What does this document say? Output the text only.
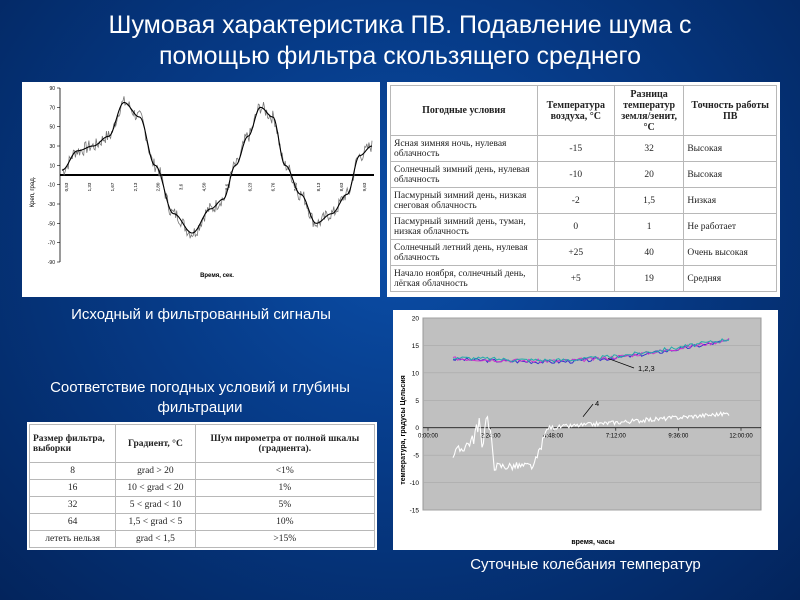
Шумовая характеристика ПВ. Подавление шума с помощью фильтра скользящего среднего
Креп, град.
Время, сек.
90
70
50
30
10
-10
-30
-50
-70
-90
0,53	1,33	1,67	2,13	2,80	3,6	4,50	5,6	6,23	6,76	7,30	8,13	8,63	9,63
Исходный и фильтрованный сигналы
Погодные условия	Температура воздуха, °С	Разница температур земля/зенит, °С	Точность работы ПВ
Ясная зимняя ночь, нулевая облачность	-15	32	Высокая
Солнечный зимний день, нулевая облачность	-10	20	Высокая
Пасмурный зимний день, низкая снеговая облачность	-2	1,5	Низкая
Пасмурный зимний день, туман, низкая облачность	0	1	Не работает
Солнечный летний день, нулевая облачность	+25	40	Очень высокая
Начало ноября, солнечный день, лёгкая облачность	+5	19	Средняя
Соответствие погодных условий и глубины фильтрации
Размер фильтра, выборки	Градиент, °С	Шум пирометра от полной шкалы (градиента).
8	grad > 20	<1%
16	10 < grad < 20	1%
32	5 < grad < 10	5%
64	1,5 < grad < 5	10%
лететь нельзя	grad < 1,5	>15%
температура, градусы Цельсия
время, часы
20
15
10
5
0
-5
-10
-15
0:00:00	2:24:00	4:48:00	7:12:00	9:36:00	12:00:00
1,2,3
4
Суточные колебания температур
